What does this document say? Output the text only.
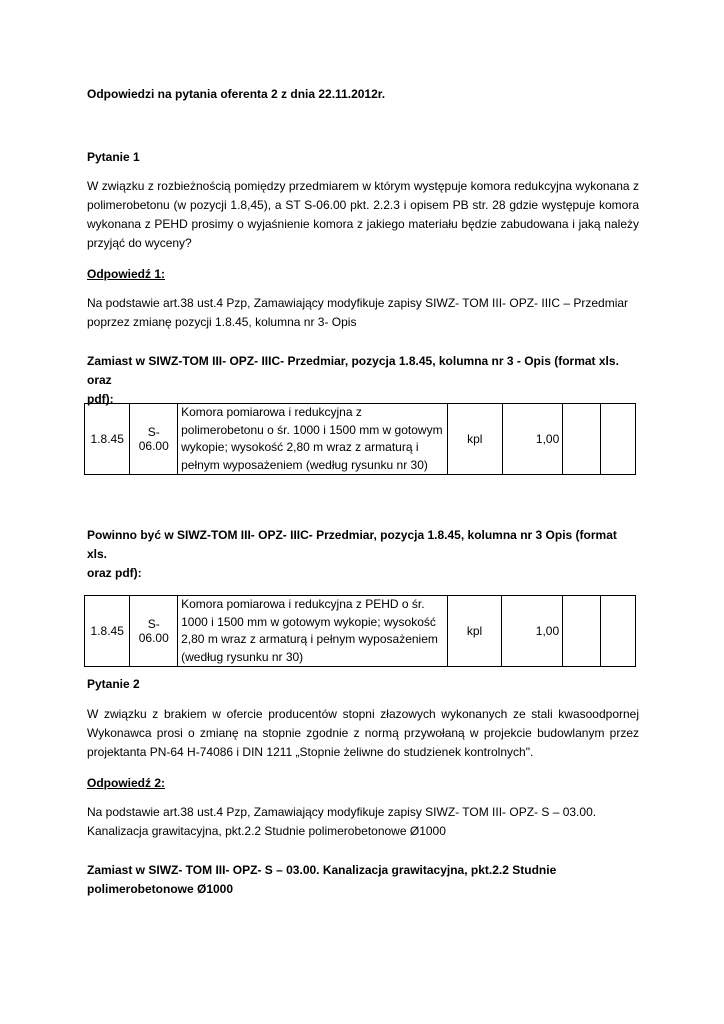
Odpowiedzi na pytania oferenta 2 z dnia 22.11.2012r.
Pytanie 1
W związku z rozbieżnością pomiędzy przedmiarem w którym występuje komora redukcyjna wykonana z polimerobetonu (w pozycji 1.8,45), a ST S-06.00 pkt. 2.2.3 i opisem PB str. 28 gdzie występuje komora wykonana z PEHD prosimy o wyjaśnienie komora z jakiego materiału będzie zabudowana i jaką należy przyjąć do wyceny?
Odpowiedź 1:
Na podstawie art.38 ust.4 Pzp, Zamawiający modyfikuje zapisy SIWZ- TOM III- OPZ- IIIC – Przedmiar
poprzez zmianę pozycji 1.8.45, kolumna nr 3- Opis
Zamiast w SIWZ-TOM III- OPZ- IIIC- Przedmiar, pozycja 1.8.45, kolumna nr 3 - Opis (format xls. oraz
pdf):
1.8.45	S-06.00	Komora pomiarowa i redukcyjna z polimerobetonu o śr. 1000 i 1500 mm w gotowym wykopie; wysokość 2,80 m wraz z armaturą i pełnym wyposażeniem (według rysunku nr 30)	kpl	1,00		
Powinno być w SIWZ-TOM III- OPZ- IIIC- Przedmiar, pozycja 1.8.45, kolumna nr 3 Opis (format xls.
oraz pdf):
1.8.45	S-06.00	Komora pomiarowa i redukcyjna z PEHD o śr. 1000 i 1500 mm w gotowym wykopie; wysokość 2,80 m wraz z armaturą i pełnym wyposażeniem (według rysunku nr 30)	kpl	1,00		
Pytanie 2
W związku z brakiem w ofercie producentów stopni złazowych wykonanych ze stali kwasoodpornej Wykonawca prosi o zmianę na stopnie zgodnie z normą przywołaną w projekcie budowlanym przez projektanta PN-64 H-74086 i DIN 1211 „Stopnie żeliwne do studzienek kontrolnych".
Odpowiedź 2:
Na podstawie art.38 ust.4 Pzp, Zamawiający modyfikuje zapisy SIWZ- TOM III- OPZ- S – 03.00.
Kanalizacja grawitacyjna, pkt.2.2 Studnie polimerobetonowe Ø1000
Zamiast w SIWZ- TOM III- OPZ- S – 03.00. Kanalizacja grawitacyjna, pkt.2.2 Studnie
polimerobetonowe Ø1000
